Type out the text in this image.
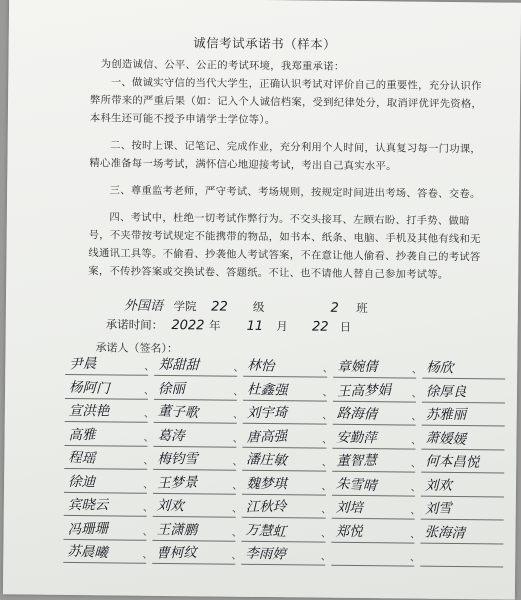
诚信考试承诺书（样本）

为创造诚信、公平、公正的考试环境，我郑重承诺：

一、做诚实守信的当代大学生，正确认识考试对评价自己的重要性，充分认识作弊所带来的严重后果（如：记入个人诚信档案，受到纪律处分，取消评优评先资格，本科生还可能不授予申请学士学位等）。

二、按时上课、记笔记、完成作业，充分利用个人时间，认真复习每一门功课，精心准备每一场考试，满怀信心地迎接考试，考出自己真实水平。

三、尊重监考老师，严守考试、考场规则，按规定时间进出考场、答卷、交卷。

四、考试中，杜绝一切考试作弊行为。不交头接耳、左顾右盼、打手势、做暗号，不夹带按考试规定不能携带的物品，如书本、纸条、电脑、手机及其他有线和无线通讯工具等。不偷看、抄袭他人考试答案，不在意让他人偷看、抄袭自己的考试答案，不传抄答案或交换试卷、答题纸。不让、也不请他人替自己参加考试等。

外国语 学院 22 级	2 班
承诺时间： 2022 年 11 月 22 日
承诺人（签名）：
尹晨	、 郑甜甜	、 林怡	、 章婉倩	、 杨欣
杨阿门	、 徐丽	、 杜鑫强	、 王高梦娟 、 徐厚良
宣洪艳	、 董子歌	、 刘宇琦	、 路海倩	、 苏雅丽
高雅	、 葛涛	、 唐高强	、 安勤萍	、 萧媛媛
程瑶	、 梅钧雪	、 潘庄敏	、 董智慧	、 何本昌悦
徐迪	、 王梦景	、 魏梦琪	、 朱雪晴	、 刘欢
宾晓云	、 刘欢	、 江秋玲	、 刘培	、 刘雪
冯珊珊	、 王潇鹏	、 万慧虹	、 郑悦	、 张海清
苏晨曦	、 曹柯纹	、 李雨婷	、	、
